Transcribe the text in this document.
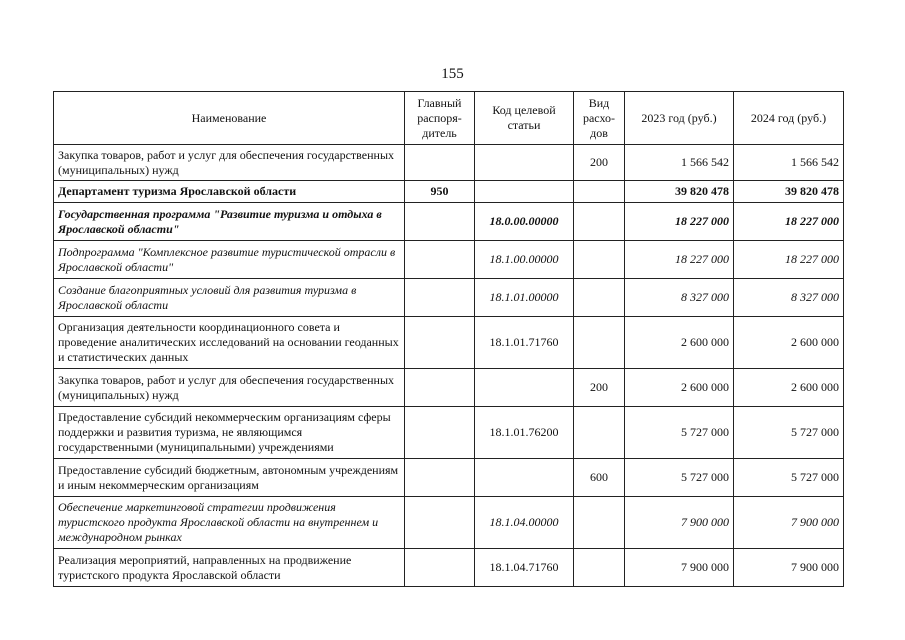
155
Наименование	Главный распоря-дитель	Код целевой статьи	Вид расхо-дов	2023 год (руб.)	2024 год (руб.)
Закупка товаров, работ и услуг для обеспечения государственных (муниципальных) нужд			200	1 566 542	1 566 542
Департамент туризма Ярославской области	950			39 820 478	39 820 478
Государственная программа "Развитие туризма и отдыха в Ярославской области"		18.0.00.00000		18 227 000	18 227 000
Подпрограмма "Комплексное развитие туристической отрасли в Ярославской области"		18.1.00.00000		18 227 000	18 227 000
Создание благоприятных условий для развития туризма в Ярославской области		18.1.01.00000		8 327 000	8 327 000
Организация деятельности координационного совета и проведение аналитических исследований на основании геоданных и статистических данных		18.1.01.71760		2 600 000	2 600 000
Закупка товаров, работ и услуг для обеспечения государственных (муниципальных) нужд			200	2 600 000	2 600 000
Предоставление субсидий некоммерческим организациям сферы поддержки и развития туризма, не являющимся государственными (муниципальными) учреждениями		18.1.01.76200		5 727 000	5 727 000
Предоставление субсидий бюджетным, автономным учреждениям и иным некоммерческим организациям			600	5 727 000	5 727 000
Обеспечение маркетинговой стратегии продвижения туристского продукта Ярославской области на внутреннем и международном рынках		18.1.04.00000		7 900 000	7 900 000
Реализация мероприятий, направленных на продвижение туристского продукта Ярославской области		18.1.04.71760		7 900 000	7 900 000
